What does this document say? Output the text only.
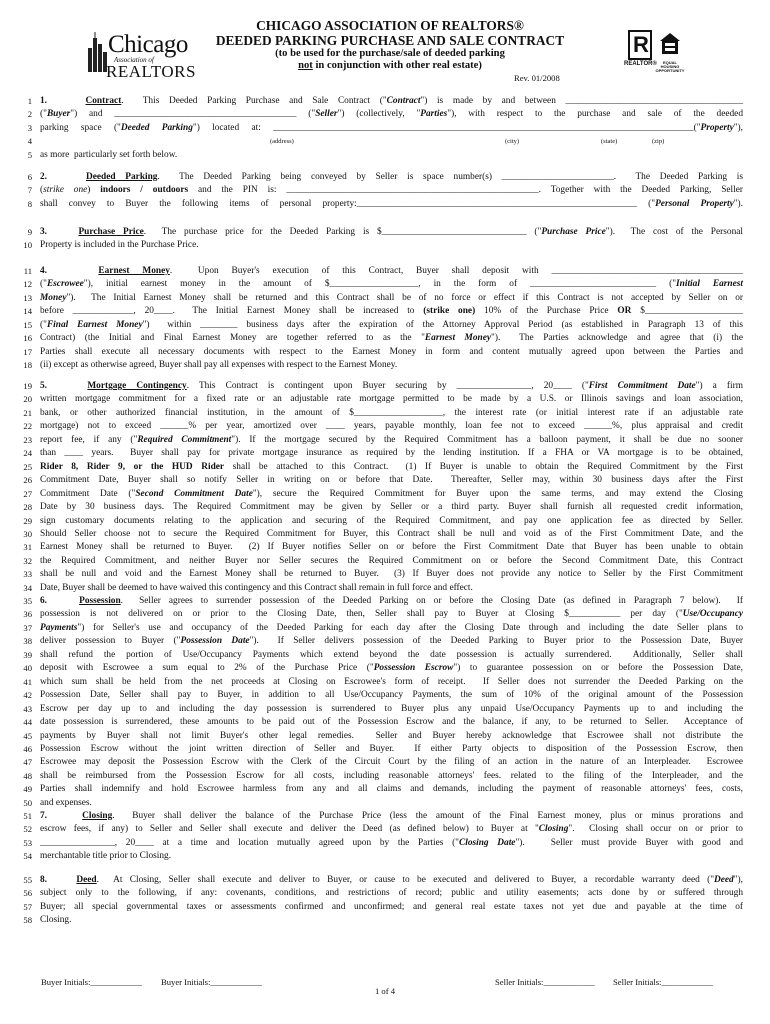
Chicago
Association of
REALTORS
CHICAGO ASSOCIATION OF REALTORS®
DEEDED PARKING PURCHASE AND SALE CONTRACT
(to be used for the purchase/sale of deeded parking
not in conjunction with other real estate)
Rev. 01/2008
R
REALTOR®	EQUAL HOUSING OPPORTUNITY
1 1.	Contract.  This Deeded Parking Purchase and Sale Contract ("Contract") is made by and between ______________________________________
2 ("Buyer") and _______________________________________ ("Seller") (collectively, "Parties"), with respect to the purchase and sale of the deeded
3 parking space ("Deeded Parking") located at: __________________________________________________________________________________________("Property"),
4	(address)	(city)	(state)	(zip)
5 as more  particularly set forth below.
6 2.	Deeded Parking.  The Deeded Parking being conveyed by Seller is space number(s) ________________________.  The Deeded Parking is
7 (strike one) indoors / outdoors and the PIN is: ______________________________________________________. Together with the Deeded Parking, Seller
8 shall convey to Buyer the following items of personal property:____________________________________________________________ ("Personal Property").
9 3.	Purchase Price.  The purchase price for the Deeded Parking is $_______________________________ ("Purchase Price").  The cost of the Personal
10 Property is included in the Purchase Price.
11 4.	Earnest Money.  Upon Buyer's execution of this Contract, Buyer shall deposit with _________________________________________
12 ("Escrowee"), initial earnest money in the amount of $___________________, in the form of ___________________________ ("Initial Earnest
13 Money").  The Initial Earnest Money shall be returned and this Contract shall be of no force or effect if this Contract is not accepted by Seller on or
14 before _____________, 20____.  The Initial Earnest Money shall be increased to (strike one) 10% of the Purchase Price OR $_____________________
15 ("Final Earnest Money")  within ________ business days after the expiration of the Attorney Approval Period (as established in Paragraph 13 of this
16 Contract) (the Initial and Final Earnest Money are together referred to as the "Earnest Money").  The Parties acknowledge and agree that (i) the
17 Parties shall execute all necessary documents with respect to the Earnest Money in form and content mutually agreed upon between the Parties and
18 (ii) except as otherwise agreed, Buyer shall pay all expenses with respect to the Earnest Money.
19 5.	Mortgage Contingency. This Contract is contingent upon Buyer securing by ________________, 20____ ("First Commitment Date") a firm
20 written mortgage commitment for a fixed rate or an adjustable rate mortgage permitted to be made by a U.S. or Illinois savings and loan association,
21 bank, or other authorized financial institution, in the amount of $___________________, the interest rate (or initial interest rate if an adjustable rate
22 mortgage) not to exceed ______% per year, amortized over ____ years, payable monthly, loan fee not to exceed ______%, plus appraisal and credit
23 report fee, if any ("Required Commitment"). If the mortgage secured by the Required Commitment has a balloon payment, it shall be due no sooner
24 than ____ years.  Buyer shall pay for private mortgage insurance as required by the lending institution. If a FHA or VA mortgage is to be obtained,
25 Rider 8, Rider 9, or the HUD Rider shall be attached to this Contract.  (1) If Buyer is unable to obtain the Required Commitment by the First
26 Commitment Date, Buyer shall so notify Seller in writing on or before that Date.  Thereafter, Seller may, within 30 business days after the First
27 Commitment Date ("Second Commitment Date"), secure the Required Commitment for Buyer upon the same terms, and may extend the Closing
28 Date by 30 business days. The Required Commitment may be given by Seller or a third party. Buyer shall furnish all requested credit information,
29 sign customary documents relating to the application and securing of the Required Commitment, and pay one application fee as directed by Seller.
30 Should Seller choose not to secure the Required Commitment for Buyer, this Contract shall be null and void as of the First Commitment Date, and the
31 Earnest Money shall be returned to Buyer.  (2) If Buyer notifies Seller on or before the First Commitment Date that Buyer has been unable to obtain
32 the Required Commitment, and neither Buyer nor Seller secures the Required Commitment on or before the Second Commitment Date, this Contract
33 shall be null and void and the Earnest Money shall be returned to Buyer.  (3) If Buyer does not provide any notice to Seller by the First Commitment
34 Date, Buyer shall be deemed to have waived this contingency and this Contract shall remain in full force and effect.
35 6.	Possession.  Seller agrees to surrender possession of the Deeded Parking on or before the Closing Date (as defined in Paragraph 7 below).  If
36 possession is not delivered on or prior to the Closing Date, then, Seller shall pay to Buyer at Closing $___________ per day ("Use/Occupancy
37 Payments") for Seller's use and occupancy of the Deeded Parking for each day after the Closing Date through and including the date Seller plans to
38 deliver possession to Buyer ("Possession Date").  If Seller delivers possession of the Deeded Parking to Buyer prior to the Possession Date, Buyer
39 shall refund the portion of Use/Occupancy Payments which extend beyond the date possession is actually surrendered.  Additionally, Seller shall
40 deposit with Escrowee a sum equal to 2% of the Purchase Price ("Possession Escrow") to guarantee possession on or before the Possession Date,
41 which sum shall be held from the net proceeds at Closing on Escrowee's form of receipt.  If Seller does not surrender the Deeded Parking on the
42 Possession Date, Seller shall pay to Buyer, in addition to all Use/Occupancy Payments, the sum of 10% of the original amount of the Possession
43 Escrow per day up to and including the day possession is surrendered to Buyer plus any unpaid Use/Occupancy Payments up to and including the
44 date possession is surrendered, these amounts to be paid out of the Possession Escrow and the balance, if any, to be returned to Seller.  Acceptance of
45 payments by Buyer shall not limit Buyer's other legal remedies.  Seller and Buyer hereby acknowledge that Escrowee shall not distribute the
46 Possession Escrow without the joint written direction of Seller and Buyer.  If either Party objects to disposition of the Possession Escrow, then
47 Escrowee may deposit the Possession Escrow with the Clerk of the Circuit Court by the filing of an action in the nature of an Interpleader.  Escrowee
48 shall be reimbursed from the Possession Escrow for all costs, including reasonable attorneys' fees. related to the filing of the Interpleader, and the
49 Parties shall indemnify and hold Escrowee harmless from any and all claims and demands, including the payment of reasonable attorneys' fees, costs,
50 and expenses.
51 7.	Closing.  Buyer shall deliver the balance of the Purchase Price (less the amount of the Final Earnest money, plus or minus prorations and
52 escrow fees, if any) to Seller and Seller shall execute and deliver the Deed (as defined below) to Buyer at "Closing".  Closing shall occur on or prior to
53 ________________, 20____ at a time and location mutually agreed upon by the Parties ("Closing Date").   Seller must provide Buyer with good and
54 merchantable title prior to Closing.
55 8.	Deed.  At Closing, Seller shall execute and deliver to Buyer, or cause to be executed and delivered to Buyer, a recordable warranty deed ("Deed"),
56 subject only to the following, if any: covenants, conditions, and restrictions of record; public and utility easements; acts done by or suffered through
57 Buyer; all special governmental taxes or assessments confirmed and unconfirmed; and general real estate taxes not yet due and payable at the time of
58 Closing.
Buyer Initials:____________ Buyer Initials:____________	Seller Initials:____________ Seller Initials:____________
1 of 4
